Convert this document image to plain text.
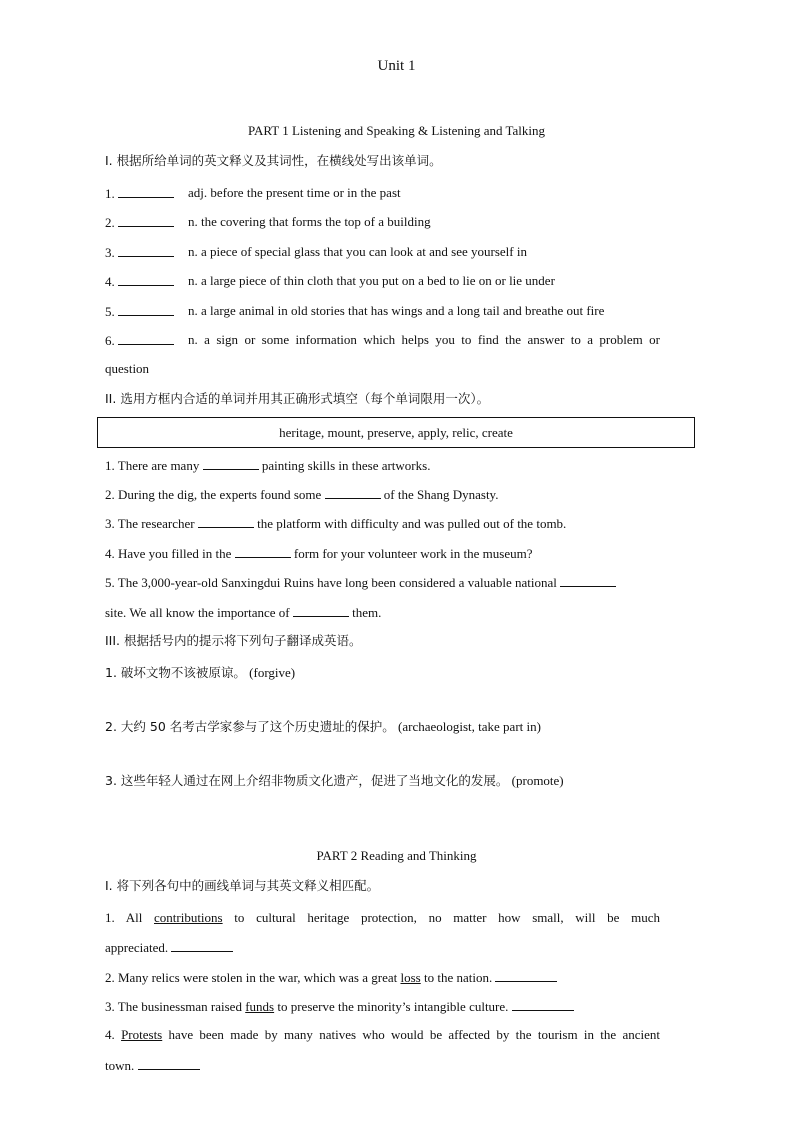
Unit 1
PART 1 Listening and Speaking & Listening and Talking
I. 根据所给单词的英文释义及其词性，在横线处写出该单词。
1.	adj. before the present time or in the past
2.	n. the covering that forms the top of a building
3.	n. a piece of special glass that you can look at and see yourself in
4.	n. a large piece of thin cloth that you put on a bed to lie on or lie under
5.	n. a large animal in old stories that has wings and a long tail and breathe out fire
6.	n. a sign or some information which helps you to find the answer to a problem or
question
II. 选用方框内合适的单词并用其正确形式填空（每个单词限用一次）。
heritage, mount, preserve, apply, relic, create
1. There are many	painting skills in these artworks.
2. During the dig, the experts found some	of the Shang Dynasty.
3. The researcher	the platform with difficulty and was pulled out of the tomb.
4. Have you filled in the	form for your volunteer work in the museum?
5. The 3,000-year-old Sanxingdui Ruins have long been considered a valuable national
site. We all know the importance of	them.
III. 根据括号内的提示将下列句子翻译成英语。
1. 破坏文物不该被原谅。 (forgive)
2. 大约 50 名考古学家参与了这个历史遗址的保护。 (archaeologist, take part in)
3. 这些年轻人通过在网上介绍非物质文化遗产，促进了当地文化的发展。 (promote)
PART 2 Reading and Thinking
I. 将下列各句中的画线单词与其英文释义相匹配。
1. All contributions to cultural heritage protection, no matter how small, will be much
appreciated.
2. Many relics were stolen in the war, which was a great loss to the nation.
3. The businessman raised funds to preserve the minority’s intangible culture.
4. Protests have been made by many natives who would be affected by the tourism in the ancient
town.
